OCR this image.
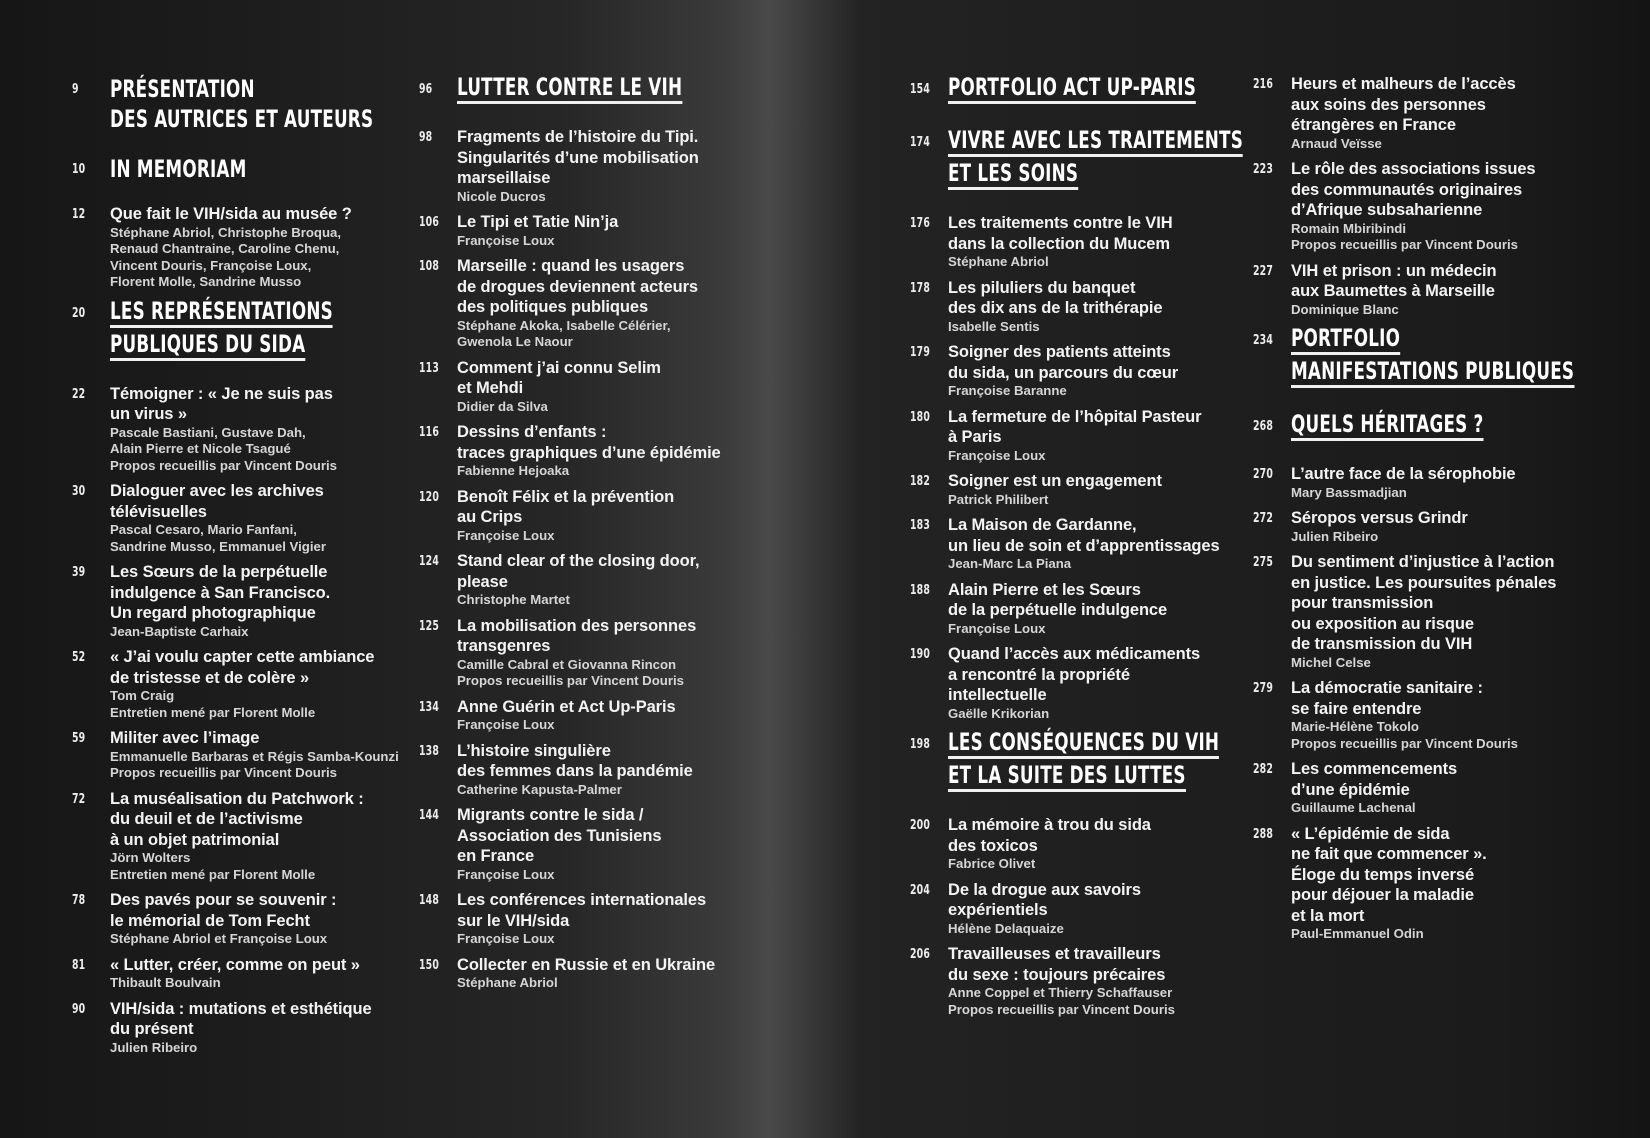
9	PRÉSENTATION
DES AUTRICES ET AUTEURS
10	IN MEMORIAM
12	Que fait le VIH/sida au musée ?
Stéphane Abriol, Christophe Broqua,
Renaud Chantraine, Caroline Chenu,
Vincent Douris, Françoise Loux,
Florent Molle, Sandrine Musso
20	LES REPRÉSENTATIONS
PUBLIQUES DU SIDA
22	Témoigner : « Je ne suis pas
un virus »
Pascale Bastiani, Gustave Dah,
Alain Pierre et Nicole Tsagué
Propos recueillis par Vincent Douris
30	Dialoguer avec les archives
télévisuelles
Pascal Cesaro, Mario Fanfani,
Sandrine Musso, Emmanuel Vigier
39	Les Sœurs de la perpétuelle
indulgence à San Francisco.
Un regard photographique
Jean-Baptiste Carhaix
52	« J’ai voulu capter cette ambiance
de tristesse et de colère »
Tom Craig
Entretien mené par Florent Molle
59	Militer avec l’image
Emmanuelle Barbaras et Régis Samba-Kounzi
Propos recueillis par Vincent Douris
72	La muséalisation du Patchwork :
du deuil et de l’activisme
à un objet patrimonial
Jörn Wolters
Entretien mené par Florent Molle
78	Des pavés pour se souvenir :
le mémorial de Tom Fecht
Stéphane Abriol et Françoise Loux
81	« Lutter, créer, comme on peut »
Thibault Boulvain
90	VIH/sida : mutations et esthétique
du présent
Julien Ribeiro
96	LUTTER CONTRE LE VIH
98	Fragments de l’histoire du Tipi.
Singularités d’une mobilisation
marseillaise
Nicole Ducros
106	Le Tipi et Tatie Nin’ja
Françoise Loux
108	Marseille : quand les usagers
de drogues deviennent acteurs
des politiques publiques
Stéphane Akoka, Isabelle Célérier,
Gwenola Le Naour
113	Comment j’ai connu Selim
et Mehdi
Didier da Silva
116	Dessins d’enfants :
traces graphiques d’une épidémie
Fabienne Hejoaka
120	Benoît Félix et la prévention
au Crips
Françoise Loux
124	Stand clear of the closing door,
please
Christophe Martet
125	La mobilisation des personnes
transgenres
Camille Cabral et Giovanna Rincon
Propos recueillis par Vincent Douris
134	Anne Guérin et Act Up-Paris
Françoise Loux
138	L’histoire singulière
des femmes dans la pandémie
Catherine Kapusta-Palmer
144	Migrants contre le sida /
Association des Tunisiens
en France
Françoise Loux
148	Les conférences internationales
sur le VIH/sida
Françoise Loux
150	Collecter en Russie et en Ukraine
Stéphane Abriol
154 PORTFOLIO ACT UP-PARIS
174 VIVRE AVEC LES TRAITEMENTS
ET LES SOINS
176	Les traitements contre le VIH
dans la collection du Mucem
Stéphane Abriol
178	Les piluliers du banquet
des dix ans de la trithérapie
Isabelle Sentis
179	Soigner des patients atteints
du sida, un parcours du cœur
Françoise Baranne
180	La fermeture de l’hôpital Pasteur
à Paris
Françoise Loux
182	Soigner est un engagement
Patrick Philibert
183	La Maison de Gardanne,
un lieu de soin et d’apprentissages
Jean-Marc La Piana
188	Alain Pierre et les Sœurs
de la perpétuelle indulgence
Françoise Loux
190	Quand l’accès aux médicaments
a rencontré la propriété
intellectuelle
Gaëlle Krikorian
198 LES CONSÉQUENCES DU VIH
ET LA SUITE DES LUTTES
200	La mémoire à trou du sida
des toxicos
Fabrice Olivet
204	De la drogue aux savoirs
expérientiels
Hélène Delaquaize
206	Travailleuses et travailleurs
du sexe : toujours précaires
Anne Coppel et Thierry Schaffauser
Propos recueillis par Vincent Douris
216	Heurs et malheurs de l’accès
aux soins des personnes
étrangères en France
Arnaud Veïsse
223	Le rôle des associations issues
des communautés originaires
d’Afrique subsaharienne
Romain Mbiribindi
Propos recueillis par Vincent Douris
227	VIH et prison : un médecin
aux Baumettes à Marseille
Dominique Blanc
234 PORTFOLIO
MANIFESTATIONS PUBLIQUES
268 QUELS HÉRITAGES ?
270	L’autre face de la sérophobie
Mary Bassmadjian
272	Séropos versus Grindr
Julien Ribeiro
275	Du sentiment d’injustice à l’action
en justice. Les poursuites pénales
pour transmission
ou exposition au risque
de transmission du VIH
Michel Celse
279	La démocratie sanitaire :
se faire entendre
Marie-Hélène Tokolo
Propos recueillis par Vincent Douris
282	Les commencements
d’une épidémie
Guillaume Lachenal
288	« L’épidémie de sida
ne fait que commencer ».
Éloge du temps inversé
pour déjouer la maladie
et la mort
Paul-Emmanuel Odin
